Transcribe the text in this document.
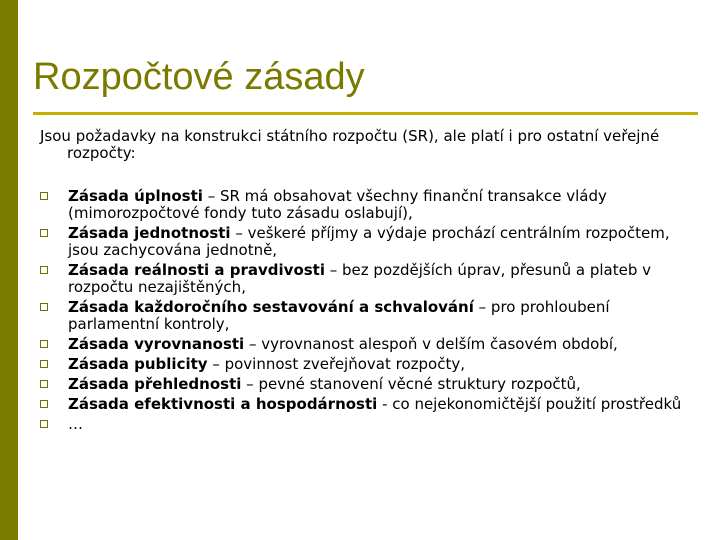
Rozpočtové zásady
Jsou požadavky na konstrukci státního rozpočtu (SR), ale platí i pro ostatní veřejné rozpočty:
Zásada úplnosti – SR má obsahovat všechny finanční transakce vlády (mimorozpočtové fondy tuto zásadu oslabují),
Zásada jednotnosti – veškeré příjmy a výdaje prochází centrálním rozpočtem, jsou zachycována jednotně,
Zásada reálnosti a pravdivosti – bez pozdějších úprav, přesunů a plateb v rozpočtu nezajištěných,
Zásada každoročního sestavování a schvalování – pro prohloubení parlamentní kontroly,
Zásada vyrovnanosti – vyrovnanost alespoň v delším časovém období,
Zásada publicity – povinnost zveřejňovat rozpočty,
Zásada přehlednosti – pevné stanovení věcné struktury rozpočtů,
Zásada efektivnosti a hospodárnosti - co nejekonomičtější použití prostředků
…
